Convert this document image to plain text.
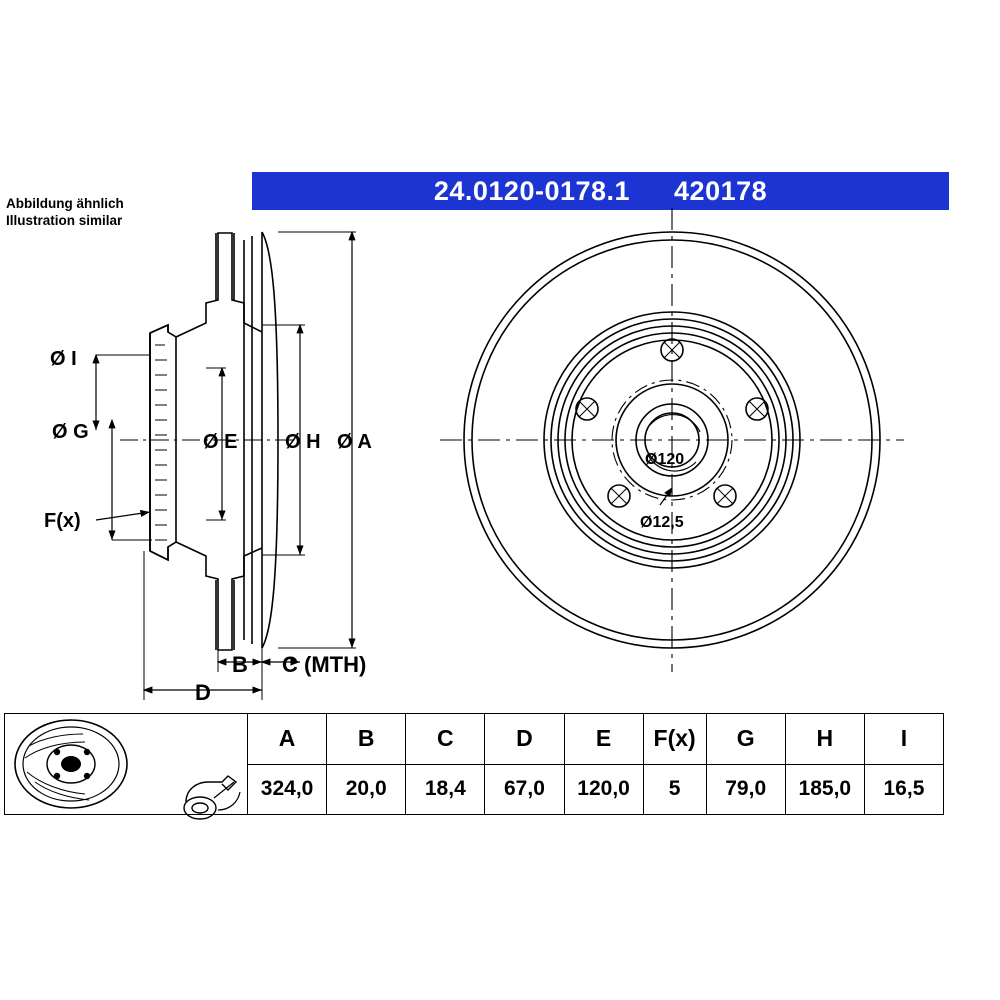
24.0120-0178.1 420178
Abbildung ähnlich
Illustration similar
Ø I
Ø G	Ø E Ø H Ø A
F(x)
B C (MTH)
D
Ø120
Ø12,5
	A	B	C	D	E	F(x)	G	H	I
	324,0	20,0	18,4	67,0	120,0	5	79,0	185,0	16,5
